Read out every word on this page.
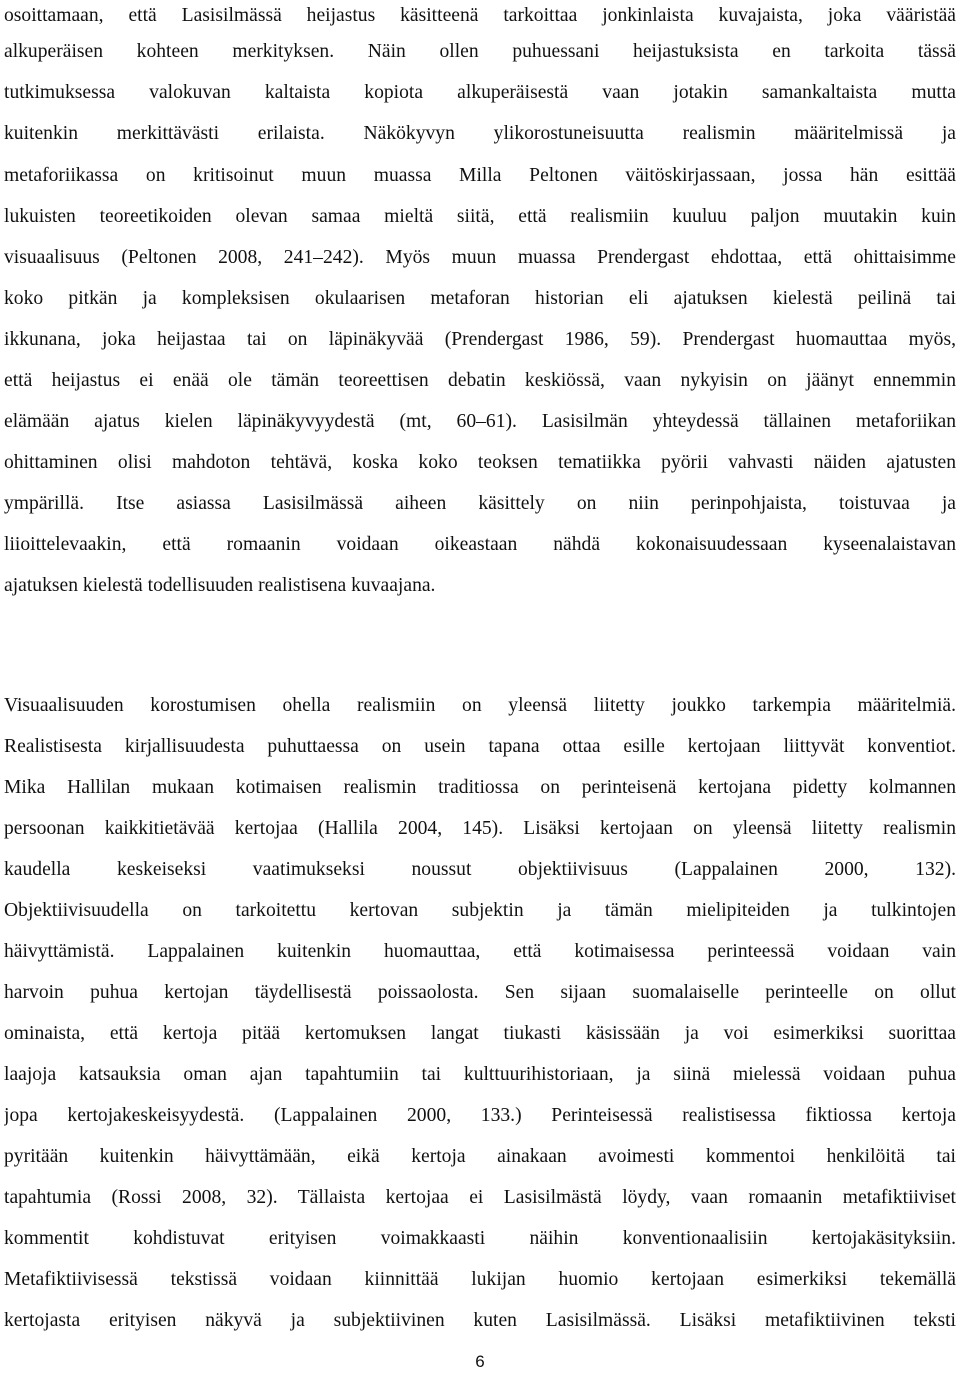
osoittamaan, että Lasisilmässä heijastus käsitteenä tarkoittaa jonkinlaista kuvajaista, joka vääristää
alkuperäisen kohteen merkityksen. Näin ollen puhuessani heijastuksista en tarkoita tässä
tutkimuksessa valokuvan kaltaista kopiota alkuperäisestä vaan jotakin samankaltaista mutta
kuitenkin merkittävästi erilaista. Näkökyvyn ylikorostuneisuutta realismin määritelmissä ja
metaforiikassa on kritisoinut muun muassa Milla Peltonen väitöskirjassaan, jossa hän esittää
lukuisten teoreetikoiden olevan samaa mieltä siitä, että realismiin kuuluu paljon muutakin kuin
visuaalisuus (Peltonen 2008, 241–242). Myös muun muassa Prendergast ehdottaa, että ohittaisimme
koko pitkän ja kompleksisen okulaarisen metaforan historian eli ajatuksen kielestä peilinä tai
ikkunana, joka heijastaa tai on läpinäkyvää (Prendergast 1986, 59). Prendergast huomauttaa myös,
että heijastus ei enää ole tämän teoreettisen debatin keskiössä, vaan nykyisin on jäänyt ennemmin
elämään ajatus kielen läpinäkyvyydestä (mt, 60–61). Lasisilmän yhteydessä tällainen metaforiikan
ohittaminen olisi mahdoton tehtävä, koska koko teoksen tematiikka pyörii vahvasti näiden ajatusten
ympärillä. Itse asiassa Lasisilmässä aiheen käsittely on niin perinpohjaista, toistuvaa ja
liioittelevaakin, että romaanin voidaan oikeastaan nähdä kokonaisuudessaan kyseenalaistavan
ajatuksen kielestä todellisuuden realistisena kuvaajana.
Visuaalisuuden korostumisen ohella realismiin on yleensä liitetty joukko tarkempia määritelmiä.
Realistisesta kirjallisuudesta puhuttaessa on usein tapana ottaa esille kertojaan liittyvät konventiot.
Mika Hallilan mukaan kotimaisen realismin traditiossa on perinteisenä kertojana pidetty kolmannen
persoonan kaikkitietävää kertojaa (Hallila 2004, 145). Lisäksi kertojaan on yleensä liitetty realismin
kaudella keskeiseksi vaatimukseksi noussut objektiivisuus (Lappalainen 2000, 132).
Objektiivisuudella on tarkoitettu kertovan subjektin ja tämän mielipiteiden ja tulkintojen
häivyttämistä. Lappalainen kuitenkin huomauttaa, että kotimaisessa perinteessä voidaan vain
harvoin puhua kertojan täydellisestä poissaolosta. Sen sijaan suomalaiselle perinteelle on ollut
ominaista, että kertoja pitää kertomuksen langat tiukasti käsissään ja voi esimerkiksi suorittaa
laajoja katsauksia oman ajan tapahtumiin tai kulttuurihistoriaan, ja siinä mielessä voidaan puhua
jopa kertojakeskeisyydestä. (Lappalainen 2000, 133.) Perinteisessä realistisessa fiktiossa kertoja
pyritään kuitenkin häivyttämään, eikä kertoja ainakaan avoimesti kommentoi henkilöitä tai
tapahtumia (Rossi 2008, 32). Tällaista kertojaa ei Lasisilmästä löydy, vaan romaanin metafiktiiviset
kommentit kohdistuvat erityisen voimakkaasti näihin konventionaalisiin kertojakäsityksiin.
Metafiktiivisessä tekstissä voidaan kiinnittää lukijan huomio kertojaan esimerkiksi tekemällä
kertojasta erityisen näkyvä ja subjektiivinen kuten Lasisilmässä. Lisäksi metafiktiivinen teksti
6
